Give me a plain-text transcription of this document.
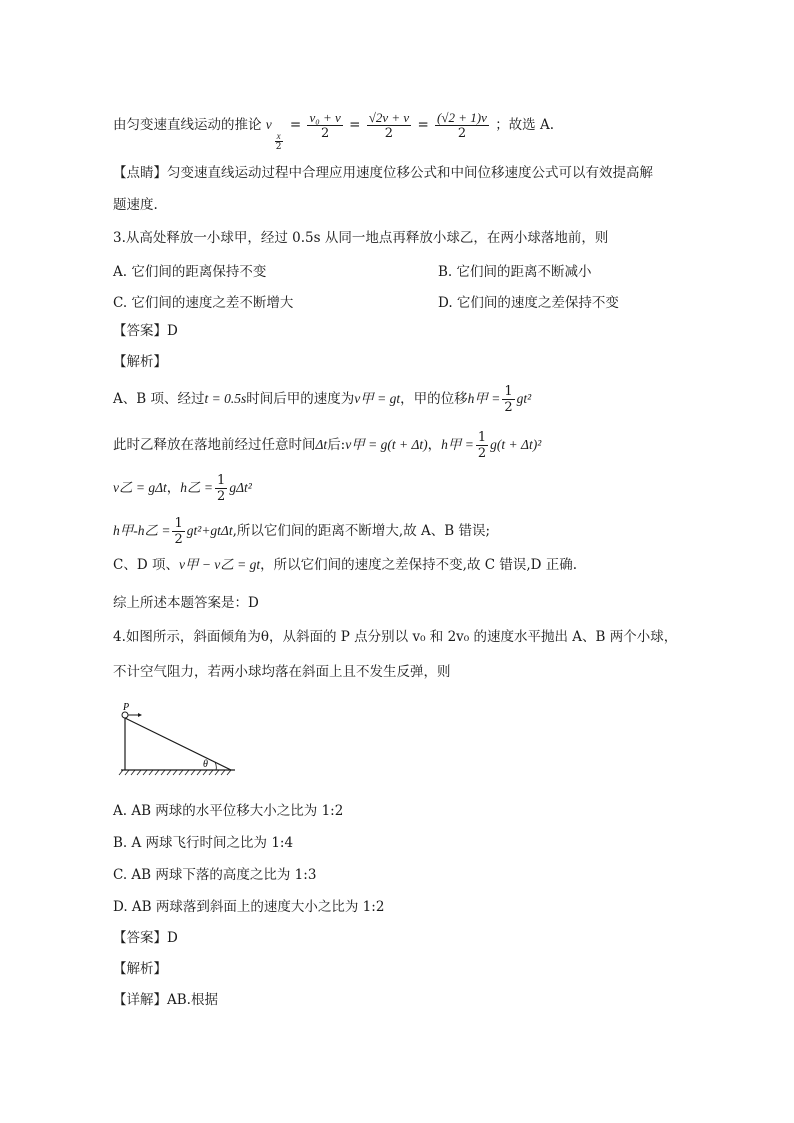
由匀变速直线运动的推论 v
$\frac{x}{2}$
= $\frac{\text{v₀ + v}}{2} = \frac{√2v + v}{2} = \frac{(√2 + 1)v}{2}$ ；故选 A.
【点睛】匀变速直线运动过程中合理应用速度位移公式和中间位移速度公式可以有效提高解
题速度.
3.从高处释放一小球甲，经过 0.5s 从同一地点再释放小球乙，在两小球落地前，则
A. 它们间的距离保持不变	B. 它们间的距离不断减小
C. 它们间的速度之差不断增大	D. 它们间的速度之差保持不变
【答案】D
【解析】
A、B 项、经过t = 0.5s时间后甲的速度为v甲 = gt，甲的位移h甲 = $\frac{1}{2} gt^2$
此时乙释放在落地前经过任意时间Δt后:v甲 = g(t + Δt)，h甲 = $\frac{1}{2} g(t + \Delta t)^2$
v乙 = gΔt，h乙 = $\frac{1}{2} g\Delta t^2$
h甲-h乙 = $\frac{1}{2} gt^2+gt\Delta t$,所以它们间的距离不断增大,故 A、B 错误;
C、D 项、v甲 − v乙 = gt，所以它们间的速度之差保持不变,故 C 错误,D 正确.
综上所述本题答案是：D
4.如图所示，斜面倾角为θ，从斜面的 P 点分别以 v₀ 和 2v₀ 的速度水平抛出 A、B 两个小球，
不计空气阻力，若两小球均落在斜面上且不发生反弹，则
P
θ
A. AB 两球的水平位移大小之比为 1:2
B. A 两球飞行时间之比为 1:4
C. AB 两球下落的高度之比为 1:3
D. AB 两球落到斜面上的速度大小之比为 1:2
【答案】D
【解析】
【详解】AB.根据
